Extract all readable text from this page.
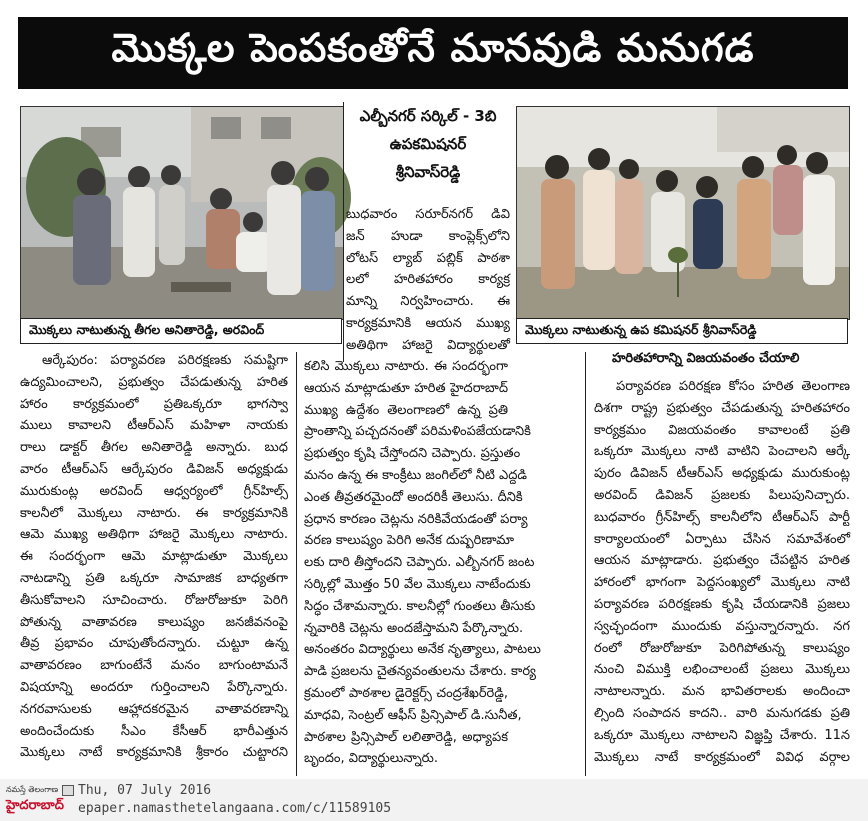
మొక్కల పెంపకంతోనే మానవుడి మనుగడ
మొక్కలు నాటుతున్న తీగల అనితారెడ్డి, అరవింద్
ఎల్బీనగర్ సర్కిల్ - 3బి
ఉపకమిషనర్
శ్రీనివాస్‌రెడ్డి
బుధవారం సరూర్‌నగర్ డివి
జన్ హుడా కాంప్లెక్స్‌లోని
లోటస్ ల్యాబ్ పబ్లిక్ పాఠశా
లలో హరితహారం కార్యక్ర
మాన్ని నిర్వహించారు. ఈ
కార్యక్రమానికి ఆయన ముఖ్య
అతిథిగా హాజరై విద్యార్థులతో
మొక్కలు నాటుతున్న ఉప కమిషనర్ శ్రీనివాస్‌రెడ్డి
ఆర్కేపురం: పర్యావరణ పరిరక్షణకు సమష్టిగా
ఉద్యమించాలని, ప్రభుత్వం చేపడుతున్న హరిత
హారం కార్యక్రమంలో ప్రతిఒక్కరూ భాగస్వా
ములు కావాలని టీఆర్‌ఎస్ మహిళా నాయకు
రాలు డాక్టర్ తీగల అనితారెడ్డి అన్నారు. బుధ
వారం టీఆర్‌ఎస్ ఆర్కేపురం డివిజన్ అధ్యక్షుడు
మురుకుంట్ల అరవింద్ ఆధ్వర్యంలో గ్రీన్‌హిల్స్
కాలనీలో మొక్కలు నాటారు. ఈ కార్యక్రమానికి
ఆమె ముఖ్య అతిథిగా హాజరై మొక్కలు నాటారు.
ఈ సందర్భంగా ఆమె మాట్లాడుతూ మొక్కలు
నాటడాన్ని ప్రతి ఒక్కరూ సామాజిక బాధ్యతగా
తీసుకోవాలని సూచించారు. రోజురోజుకూ పెరిగి
పోతున్న వాతావరణ కాలుష్యం జనజీవనంపై
తీవ్ర ప్రభావం చూపుతోందన్నారు. చుట్టూ ఉన్న
వాతావరణం బాగుంటేనే మనం బాగుంటామనే
విషయాన్ని అందరూ గుర్తించాలని పేర్కొన్నారు.
నగరవాసులకు ఆహ్లాదకరమైన వాతావరణాన్ని
అందించేందుకు సీఎం కేసీఆర్ భారీఎత్తున
మొక్కలు నాటే కార్యక్రమానికి శ్రీకారం చుట్టారని
కలిసి మొక్కలు నాటారు. ఈ సందర్భంగా
ఆయన మాట్లాడుతూ హరిత హైదరాబాద్
ముఖ్య ఉద్దేశం తెలంగాణలో ఉన్న ప్రతి
ప్రాంతాన్ని పచ్చదనంతో పరిమళింపజేయడానికి
ప్రభుత్వం కృషి చేస్తోందని చెప్పారు. ప్రస్తుతం
మనం ఉన్న ఈ కాంక్రీటు జంగిల్‌లో నీటి ఎద్దడి
ఎంత తీవ్రతరమైందో అందరికీ తెలుసు. దీనికి
ప్రధాన కారణం చెట్లను నరికివేయడంతో పర్యా
వరణ కాలుష్యం పెరిగి అనేక దుష్పరిణామా
లకు దారి తీస్తోందని చెప్పారు. ఎల్బీనగర్ జంట
సర్కిల్లో మొత్తం 50 వేల మొక్కలు నాటేందుకు
సిద్ధం చేశామన్నారు. కాలనీల్లో గుంతలు తీసుకు
న్నవారికి చెట్లను అందజేస్తామని పేర్కొన్నారు.
అనంతరం విద్యార్థులు అనేక నృత్యాలు, పాటలు
పాడి ప్రజలను చైతన్యవంతులను చేశారు. కార్య
క్రమంలో పాఠశాల డైరెక్టర్స్ చంద్రశేఖర్‌రెడ్డి,
మాధవి, సెంట్రల్ ఆఫీస్ ప్రిన్సిపాల్ డి.సునీత,
పాఠశాల ప్రిన్సిపాల్ లలితారెడ్డి, అధ్యాపక
బృందం, విద్యార్థులున్నారు.
హరితహారాన్ని విజయవంతం చేయాలి
పర్యావరణ పరిరక్షణ కోసం హరిత తెలంగాణ
దిశగా రాష్ట్ర ప్రభుత్వం చేపడుతున్న హరితహారం
కార్యక్రమం విజయవంతం కావాలంటే ప్రతి
ఒక్కరూ మొక్కలు నాటి వాటిని పెంచాలని ఆర్కే
పురం డివిజన్ టీఆర్‌ఎస్ అధ్యక్షుడు మురుకుంట్ల
అరవింద్ డివిజన్ ప్రజలకు పిలుపునిచ్చారు.
బుధవారం గ్రీన్‌హిల్స్ కాలనీలోని టీఆర్‌ఎస్ పార్టీ
కార్యాలయంలో ఏర్పాటు చేసిన సమావేశంలో
ఆయన మాట్లాడారు. ప్రభుత్వం చేపట్టిన హరిత
హారంలో భాగంగా పెద్దసంఖ్యలో మొక్కలు నాటి
పర్యావరణ పరిరక్షణకు కృషి చేయడానికి ప్రజలు
స్వచ్ఛందంగా ముందుకు వస్తున్నారన్నారు. నగ
రంలో రోజురోజుకూ పెరిగిపోతున్న కాలుష్యం
నుంచి విముక్తి లభించాలంటే ప్రజలు మొక్కలు
నాటాలన్నారు. మన భావితరాలకు అందించా
ల్సింది సంపాదన కాదని.. వారి మనుగడకు ప్రతి
ఒక్కరూ మొక్కలు నాటాలని విజ్ఞప్తి చేశారు. 11న
మొక్కలు నాటే కార్యక్రమంలో వివిధ వర్గాల
నమస్తే తెలంగాణ
హైదరాబాద్
Thu, 07 July 2016
epaper.namasthetelangaana.com/c/11589105
